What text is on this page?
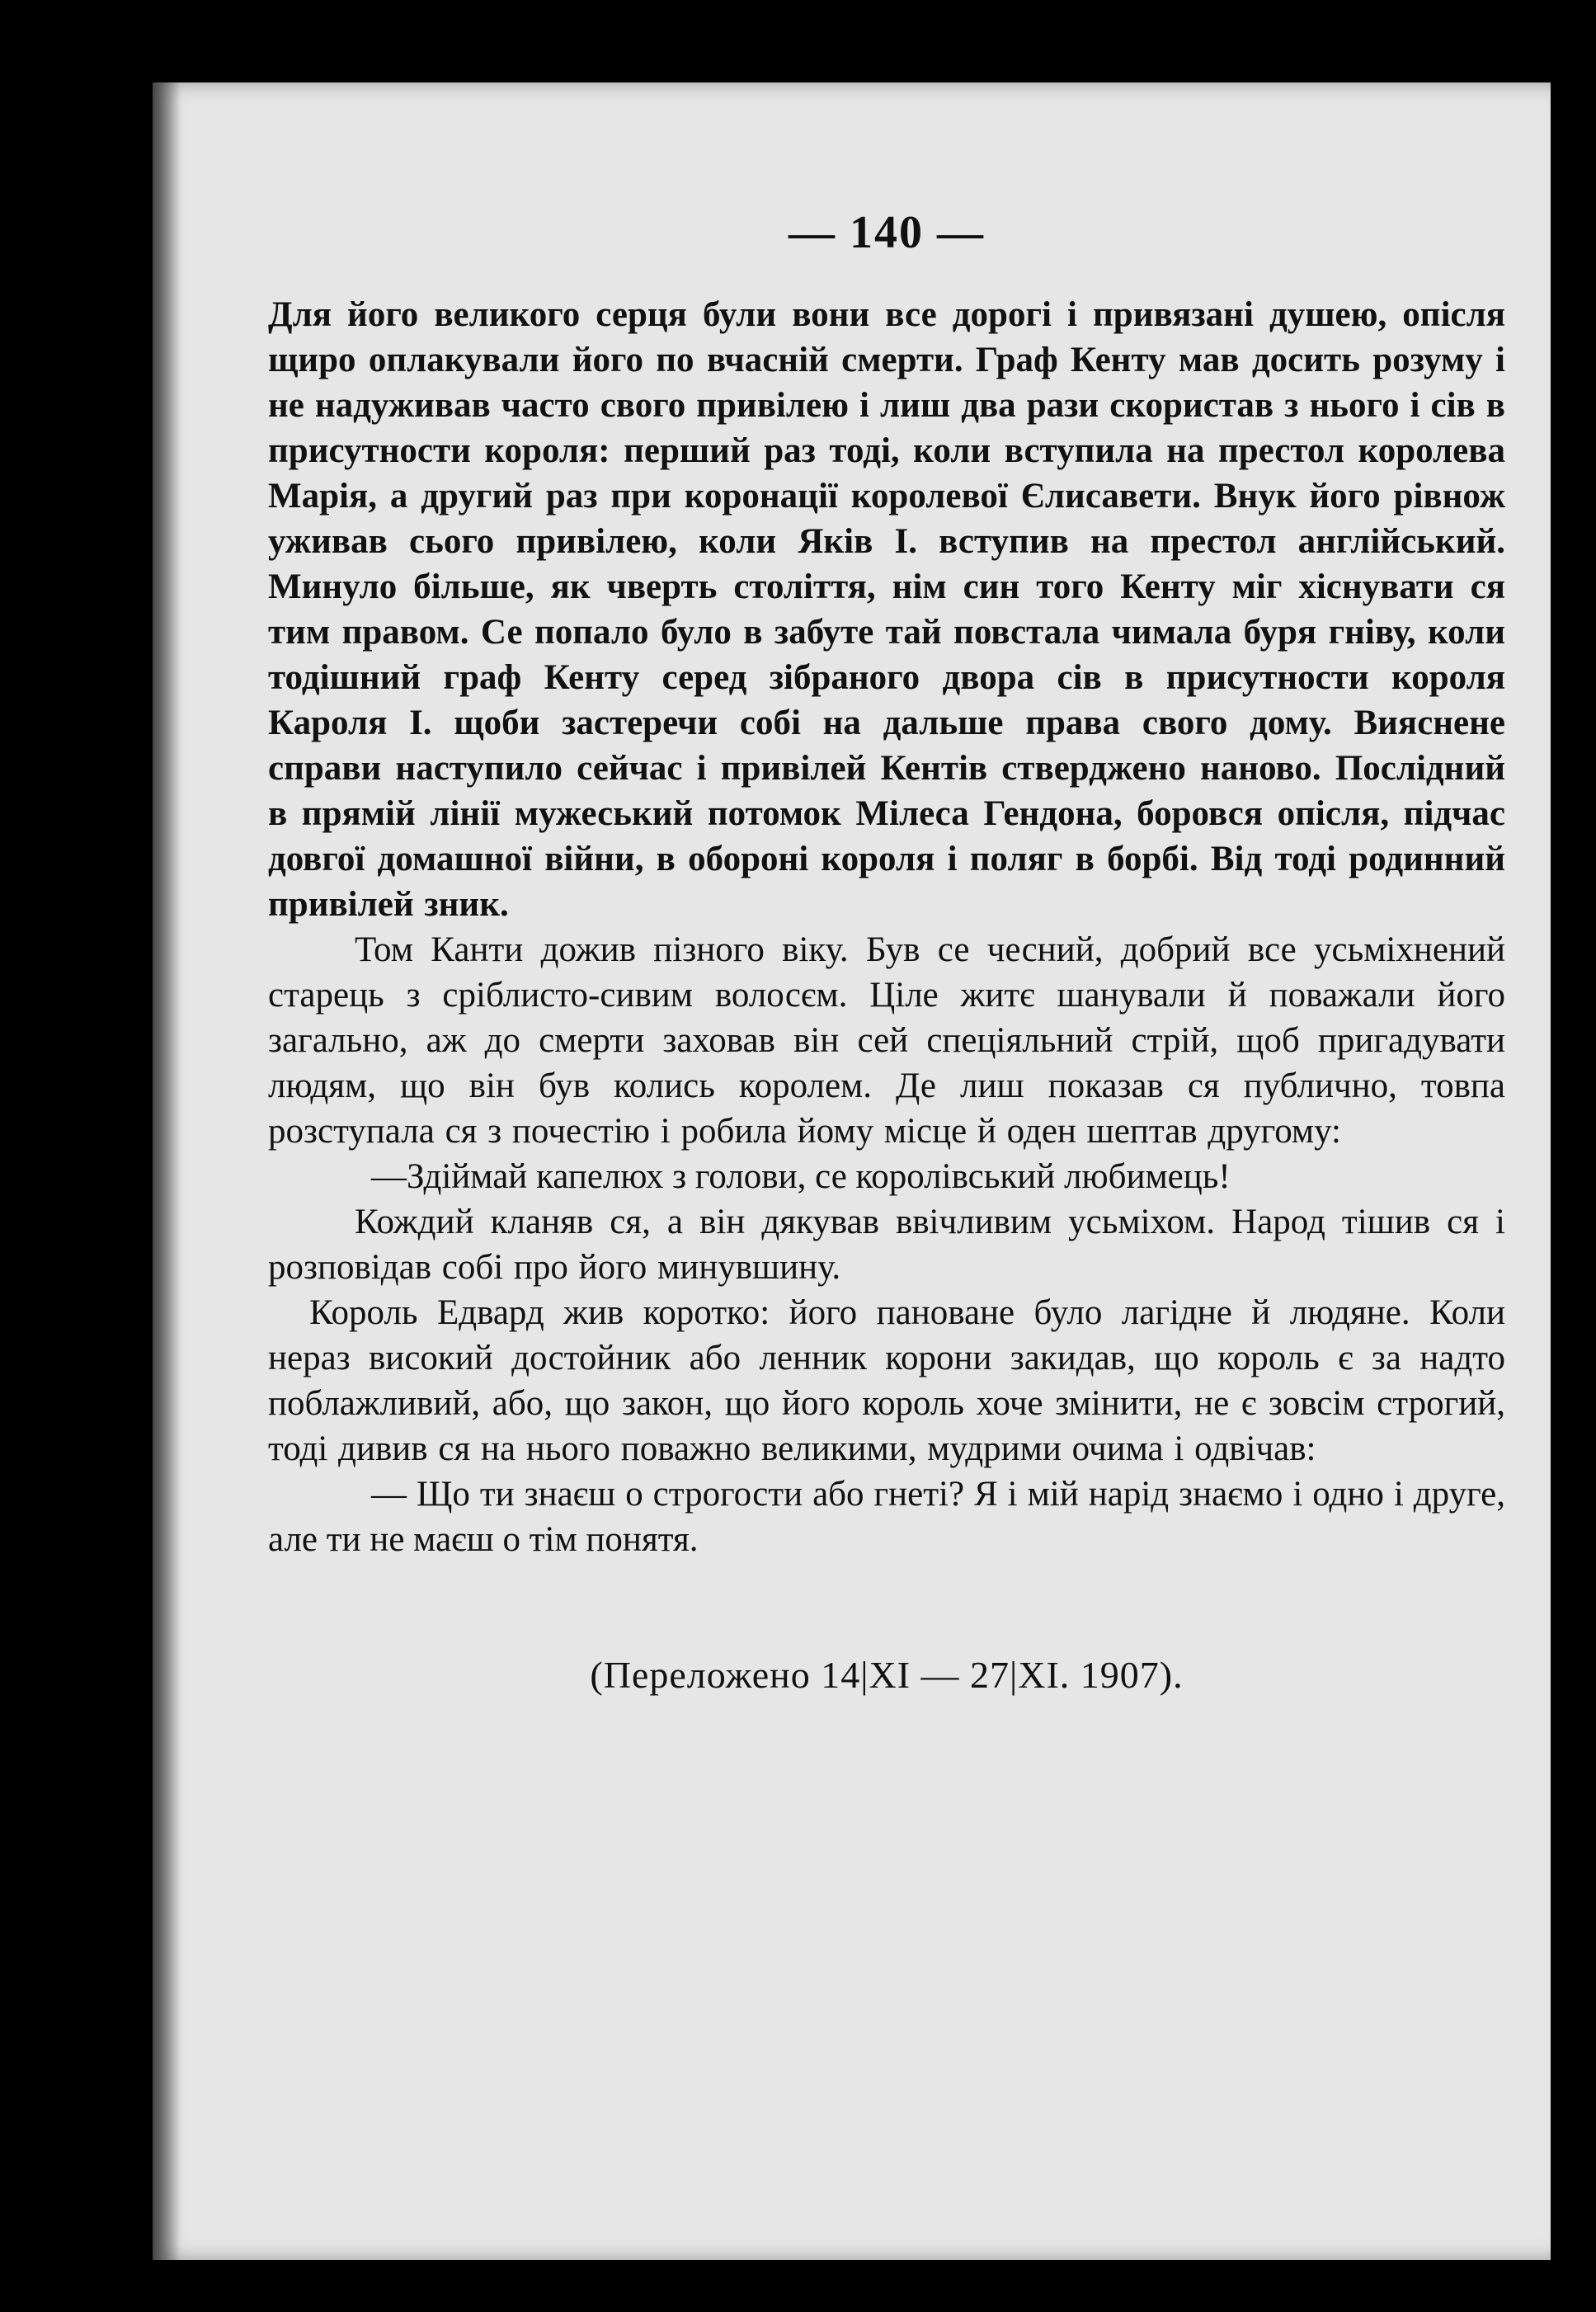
— 140 —

Для його великого серця були вони все дорогі і привязані душею, опісля щиро оплакували його по вчасній смерти. Граф Кенту мав досить розуму і не надуживав часто свого привілею і лиш два рази скористав з нього і сів в присутности короля: перший раз тоді, коли вступила на престол королева Марія, а другий раз при коронації королевої Єлисавети. Внук його рівнож уживав сього привілею, коли Яків І. вступив на престол англійський. Минуло більше, як чверть століття, нім син того Кенту міг хіснувати ся тим правом. Се попало було в забуте тай повстала чимала буря гніву, коли тодішний граф Кенту серед зібраного двора сів в присутности короля Кароля І. щоби застеречи собі на дальше права свого дому. Вияснене справи наступило сейчас і привілей Кентів стверджено наново. Послідний в прямій лінії мужеський потомок Мілеса Гендона, боровся опісля, підчас довгої домашної війни, в обороні короля і поляг в борбі. Від тоді родинний привілей зник.

Том Канти дожив пізного віку. Був се чесний, добрий все усьміхнений старець з сріблисто-сивим волосєм. Ціле житє шанували й поважали його загально, аж до смерти заховав він сей спеціяльний стрій, щоб пригадувати людям, що він був колись королем. Де лиш показав ся публично, товпа розступала ся з почестію і робила йому місце й оден шептав другому:

—Здіймай капелюх з голови, се королівський любимець!

Кождий кланяв ся, а він дякував ввічливим усьміхом. Народ тішив ся і розповідав собі про його минувшину.

Король Едвард жив коротко: його пановане було лагідне й людяне. Коли нераз високий достойник або ленник корони закидав, що король є за надто поблажливий, або, що закон, що його король хоче змінити, не є зовсім строгий, тоді дивив ся на нього поважно великими, мудрими очима і одвічав:

— Що ти знаєш о строгости або гнеті? Я і мій нарід знаємо і одно і друге, але ти не маєш о тім понятя.

(Переложено 14|XI — 27|XI. 1907).
